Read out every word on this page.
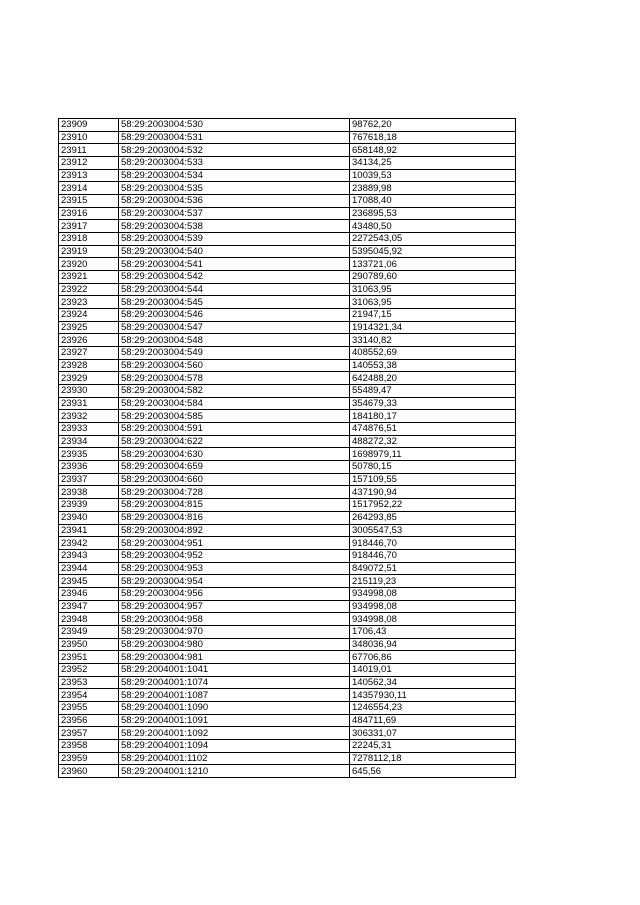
23909	58:29:2003004:530	98762,20
23910	58:29:2003004:531	767618,18
23911	58:29:2003004:532	658148,92
23912	58:29:2003004:533	34134,25
23913	58:29:2003004:534	10039,53
23914	58:29:2003004:535	23889,98
23915	58:29:2003004:536	17088,40
23916	58:29:2003004:537	236895,53
23917	58:29:2003004:538	43480,50
23918	58:29:2003004:539	2272543,05
23919	58:29:2003004:540	5395045,92
23920	58:29:2003004:541	133721,06
23921	58:29:2003004:542	290789,60
23922	58:29:2003004:544	31063,95
23923	58:29:2003004:545	31063,95
23924	58:29:2003004:546	21947,15
23925	58:29:2003004:547	1914321,34
23926	58:29:2003004:548	33140,82
23927	58:29:2003004:549	408552,69
23928	58:29:2003004:560	140553,38
23929	58:29:2003004:578	642488,20
23930	58:29:2003004:582	55489,47
23931	58:29:2003004:584	354679,33
23932	58:29:2003004:585	184180,17
23933	58:29:2003004:591	474876,51
23934	58:29:2003004:622	488272,32
23935	58:29:2003004:630	1698979,11
23936	58:29:2003004:659	50780,15
23937	58:29:2003004:660	157109,55
23938	58:29:2003004:728	437190,94
23939	58:29:2003004:815	1517952,22
23940	58:29:2003004:816	264293,85
23941	58:29:2003004:892	3005547,53
23942	58:29:2003004:951	918446,70
23943	58:29:2003004:952	918446,70
23944	58:29:2003004:953	849072,51
23945	58:29:2003004:954	215119,23
23946	58:29:2003004:956	934998,08
23947	58:29:2003004:957	934998,08
23948	58:29:2003004:958	934998,08
23949	58:29:2003004:970	1706,43
23950	58:29:2003004:980	348036,94
23951	58:29:2003004:981	67706,86
23952	58:29:2004001:1041	14019,01
23953	58:29:2004001:1074	140562,34
23954	58:29:2004001:1087	14357930,11
23955	58:29:2004001:1090	1246554,23
23956	58:29:2004001:1091	484711,69
23957	58:29:2004001:1092	306331,07
23958	58:29:2004001:1094	22245,31
23959	58:29:2004001:1102	7278112,18
23960	58:29:2004001:1210	645,56
